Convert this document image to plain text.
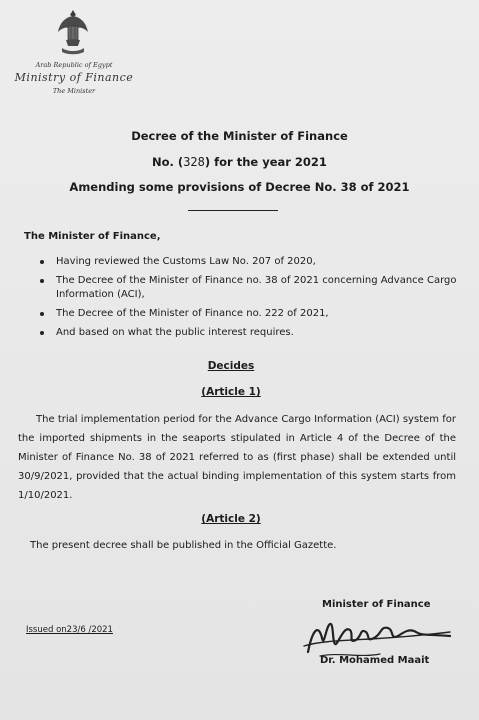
Arab Republic of Egypt
Ministry of Finance
The Minister
Decree of the Minister of Finance
No. (328) for the year 2021
Amending some provisions of Decree No. 38 of 2021
The Minister of Finance,
Having reviewed the Customs Law No. 207 of 2020,
The Decree of the Minister of Finance no. 38 of 2021 concerning Advance Cargo Information (ACI),
The Decree of the Minister of Finance no. 222 of 2021,
And based on what the public interest requires.
Decides
(Article 1)
The trial implementation period for the Advance Cargo Information (ACI) system for the imported shipments in the seaports stipulated in Article 4 of the Decree of the Minister of Finance No. 38 of 2021 referred to as (first phase) shall be extended until 30/9/2021, provided that the actual binding implementation of this system starts from 1/10/2021.
(Article 2)
The present decree shall be published in the Official Gazette.
Issued on23/6 /2021
Minister of Finance
Dr. Mohamed Maait
